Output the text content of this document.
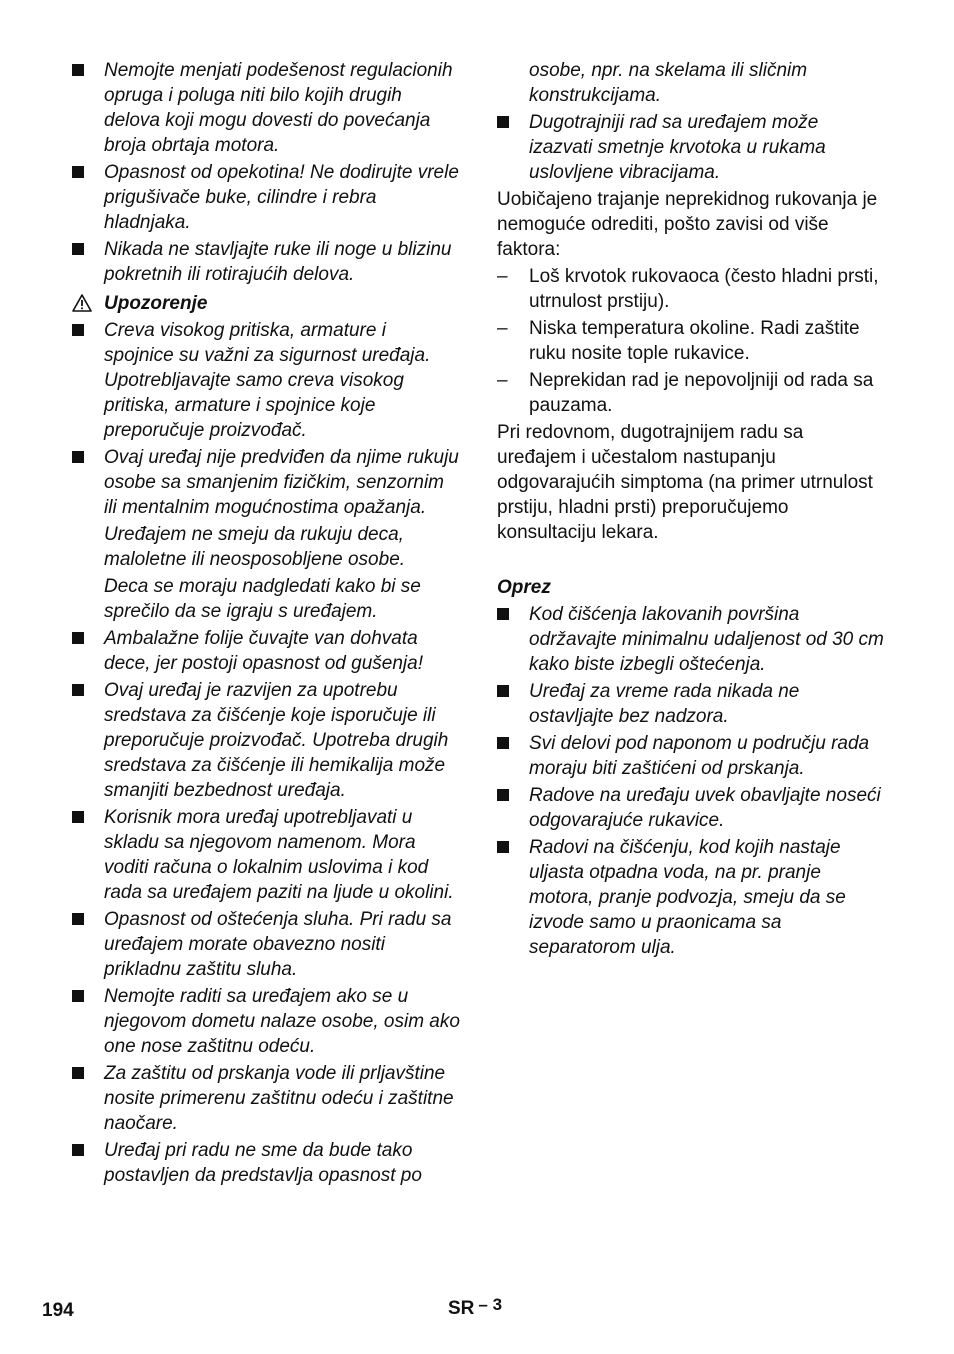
Nemojte menjati podešenost regulacionih opruga i poluga niti bilo kojih drugih delova koji mogu dovesti do povećanja broja obrtaja motora.
Opasnost od opekotina! Ne dodirujte vrele prigušivače buke, cilindre i rebra hladnjaka.
Nikada ne stavljajte ruke ili noge u blizinu pokretnih ili rotirajućih delova.
Upozorenje
Creva visokog pritiska, armature i spojnice su važni za sigurnost uređaja. Upotrebljavajte samo creva visokog pritiska, armature i spojnice koje preporučuje proizvođač.
Ovaj uređaj nije predviđen da njime rukuju osobe sa smanjenim fizičkim, senzornim ili mentalnim mogućnostima opažanja.
Uređajem ne smeju da rukuju deca, maloletne ili neosposobljene osobe.
Deca se moraju nadgledati kako bi se sprečilo da se igraju s uređajem.
Ambalažne folije čuvajte van dohvata dece, jer postoji opasnost od gušenja!
Ovaj uređaj je razvijen za upotrebu sredstava za čišćenje koje isporučuje ili preporučuje proizvođač. Upotreba drugih sredstava za čišćenje ili hemikalija može smanjiti bezbednost uređaja.
Korisnik mora uređaj upotrebljavati u skladu sa njegovom namenom. Mora voditi računa o lokalnim uslovima i kod rada sa uređajem paziti na ljude u okolini.
Opasnost od oštećenja sluha. Pri radu sa uređajem morate obavezno nositi prikladnu zaštitu sluha.
Nemojte raditi sa uređajem ako se u njegovom dometu nalaze osobe, osim ako one nose zaštitnu odeću.
Za zaštitu od prskanja vode ili prljavštine nosite primerenu zaštitnu odeću i zaštitne naočare.
Uređaj pri radu ne sme da bude tako postavljen da predstavlja opasnost po
osobe, npr. na skelama ili sličnim konstrukcijama.
Dugotrajniji rad sa uređajem može izazvati smetnje krvotoka u rukama uslovljene vibracijama.
Uobičajeno trajanje neprekidnog rukovanja je nemoguće odrediti, pošto zavisi od više faktora:
– Loš krvotok rukovaoca (često hladni prsti, utrnulost prstiju).
– Niska temperatura okoline. Radi zaštite ruku nosite tople rukavice.
– Neprekidan rad je nepovoljniji od rada sa pauzama.
Pri redovnom, dugotrajnijem radu sa uređajem i učestalom nastupanju odgovarajućih simptoma (na primer utrnulost prstiju, hladni prsti) preporučujemo konsultaciju lekara.
Oprez
Kod čišćenja lakovanih površina održavajte minimalnu udaljenost od 30 cm kako biste izbegli oštećenja.
Uređaj za vreme rada nikada ne ostavljajte bez nadzora.
Svi delovi pod naponom u području rada moraju biti zaštićeni od prskanja.
Radove na uređaju uvek obavljajte noseći odgovarajuće rukavice.
Radovi na čišćenju, kod kojih nastaje uljasta otpadna voda, na pr. pranje motora, pranje podvozja, smeju da se izvode samo u praonicama sa separatorom ulja.
194	SR – 3
